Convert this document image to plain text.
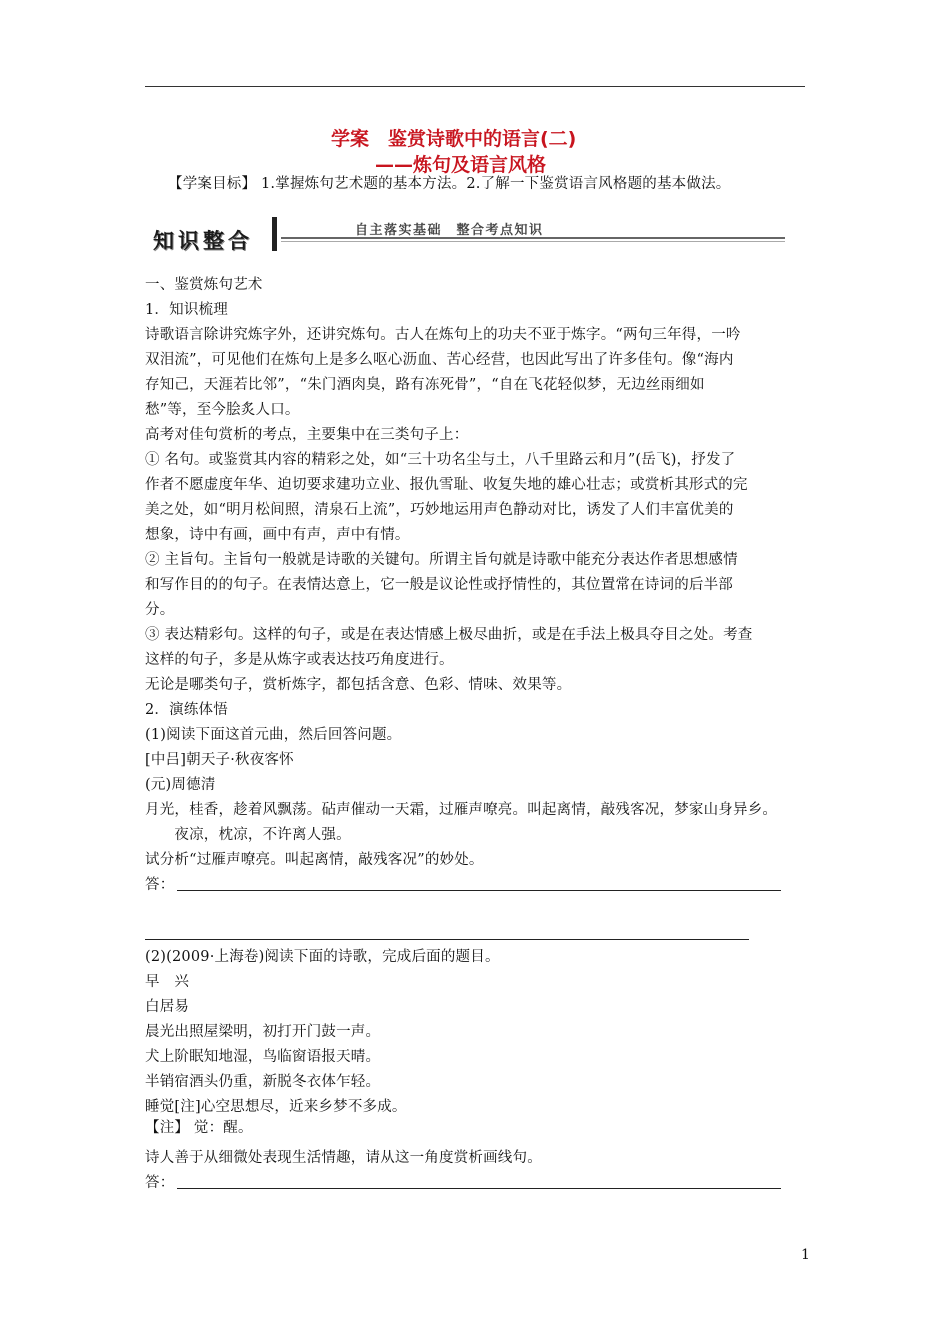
学案　鉴赏诗歌中的语言(二)
——炼句及语言风格
【学案目标】 1.掌握炼句艺术题的基本方法。2.了解一下鉴赏语言风格题的基本做法。
知识整合	自主落实基础　整合考点知识
一、鉴赏炼句艺术
1．知识梳理
诗歌语言除讲究炼字外，还讲究炼句。古人在炼句上的功夫不亚于炼字。“两句三年得，一吟
双泪流”，可见他们在炼句上是多么呕心沥血、苦心经营，也因此写出了许多佳句。像“海内
存知己，天涯若比邻”，“朱门酒肉臭，路有冻死骨”，“自在飞花轻似梦，无边丝雨细如
愁”等，至今脍炙人口。
高考对佳句赏析的考点，主要集中在三类句子上：
① 名句。或鉴赏其内容的精彩之处，如“三十功名尘与土，八千里路云和月”(岳飞)，抒发了
作者不愿虚度年华、迫切要求建功立业、报仇雪耻、收复失地的雄心壮志；或赏析其形式的完
美之处，如“明月松间照，清泉石上流”，巧妙地运用声色静动对比，诱发了人们丰富优美的
想象，诗中有画，画中有声，声中有情。
② 主旨句。主旨句一般就是诗歌的关键句。所谓主旨句就是诗歌中能充分表达作者思想感情
和写作目的的句子。在表情达意上，它一般是议论性或抒情性的，其位置常在诗词的后半部
分。
③ 表达精彩句。这样的句子，或是在表达情感上极尽曲折，或是在手法上极具夺目之处。考查
这样的句子，多是从炼字或表达技巧角度进行。
无论是哪类句子，赏析炼字，都包括含意、色彩、情味、效果等。
2．演练体悟
(1)阅读下面这首元曲，然后回答问题。
[中吕]朝天子·秋夜客怀
(元)周德清
月光，桂香，趁着风飘荡。砧声催动一天霜，过雁声嘹亮。叫起离情，敲残客况，梦家山身异乡。
　　夜凉，枕凉，不许离人强。
试分析“过雁声嘹亮。叫起离情，敲残客况”的妙处。
答：
(2)(2009·上海卷)阅读下面的诗歌，完成后面的题目。
早　兴
白居易
晨光出照屋梁明，初打开门鼓一声。
犬上阶眠知地湿，鸟临窗语报天晴。
半销宿酒头仍重，新脱冬衣体乍轻。
睡觉[注]心空思想尽，近来乡梦不多成。
【注】 觉：醒。
诗人善于从细微处表现生活情趣，请从这一角度赏析画线句。
答：
1
